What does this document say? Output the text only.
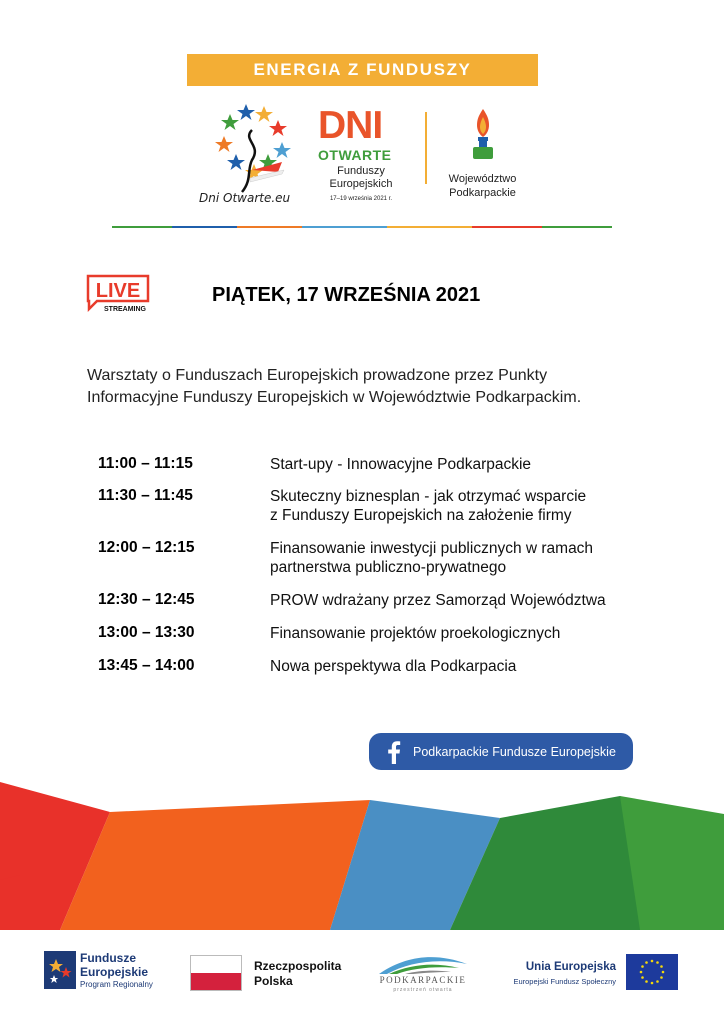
ENERGIA Z FUNDUSZY
Dni Otwarte.eu
DNI
OTWARTE
Funduszy
Europejskich
17–19 września 2021 r.
Województwo
Podkarpackie
LIVE
STREAMING
PIĄTEK, 17 WRZEŚNIA 2021
Warsztaty o Funduszach Europejskich prowadzone przez Punkty
Informacyjne Funduszy Europejskich w Województwie Podkarpackim.
11:00 – 11:15	Start-upy - Innowacyjne Podkarpackie
11:30 – 11:45	Skuteczny biznesplan - jak otrzymać wsparcie
z Funduszy Europejskich na założenie firmy
12:00 – 12:15	Finansowanie inwestycji publicznych w ramach
partnerstwa publiczno-prywatnego
12:30 – 12:45	PROW wdrażany przez Samorząd Województwa
13:00 – 13:30	Finansowanie projektów proekologicznych
13:45 – 14:00	Nowa perspektywa dla Podkarpacia
Podkarpackie Fundusze Europejskie
Fundusze
Europejskie
Program Regionalny
Rzeczpospolita
Polska	PODKARPACKIE
przestrzeń otwarta
Unia Europejska
Europejski Fundusz Społeczny
